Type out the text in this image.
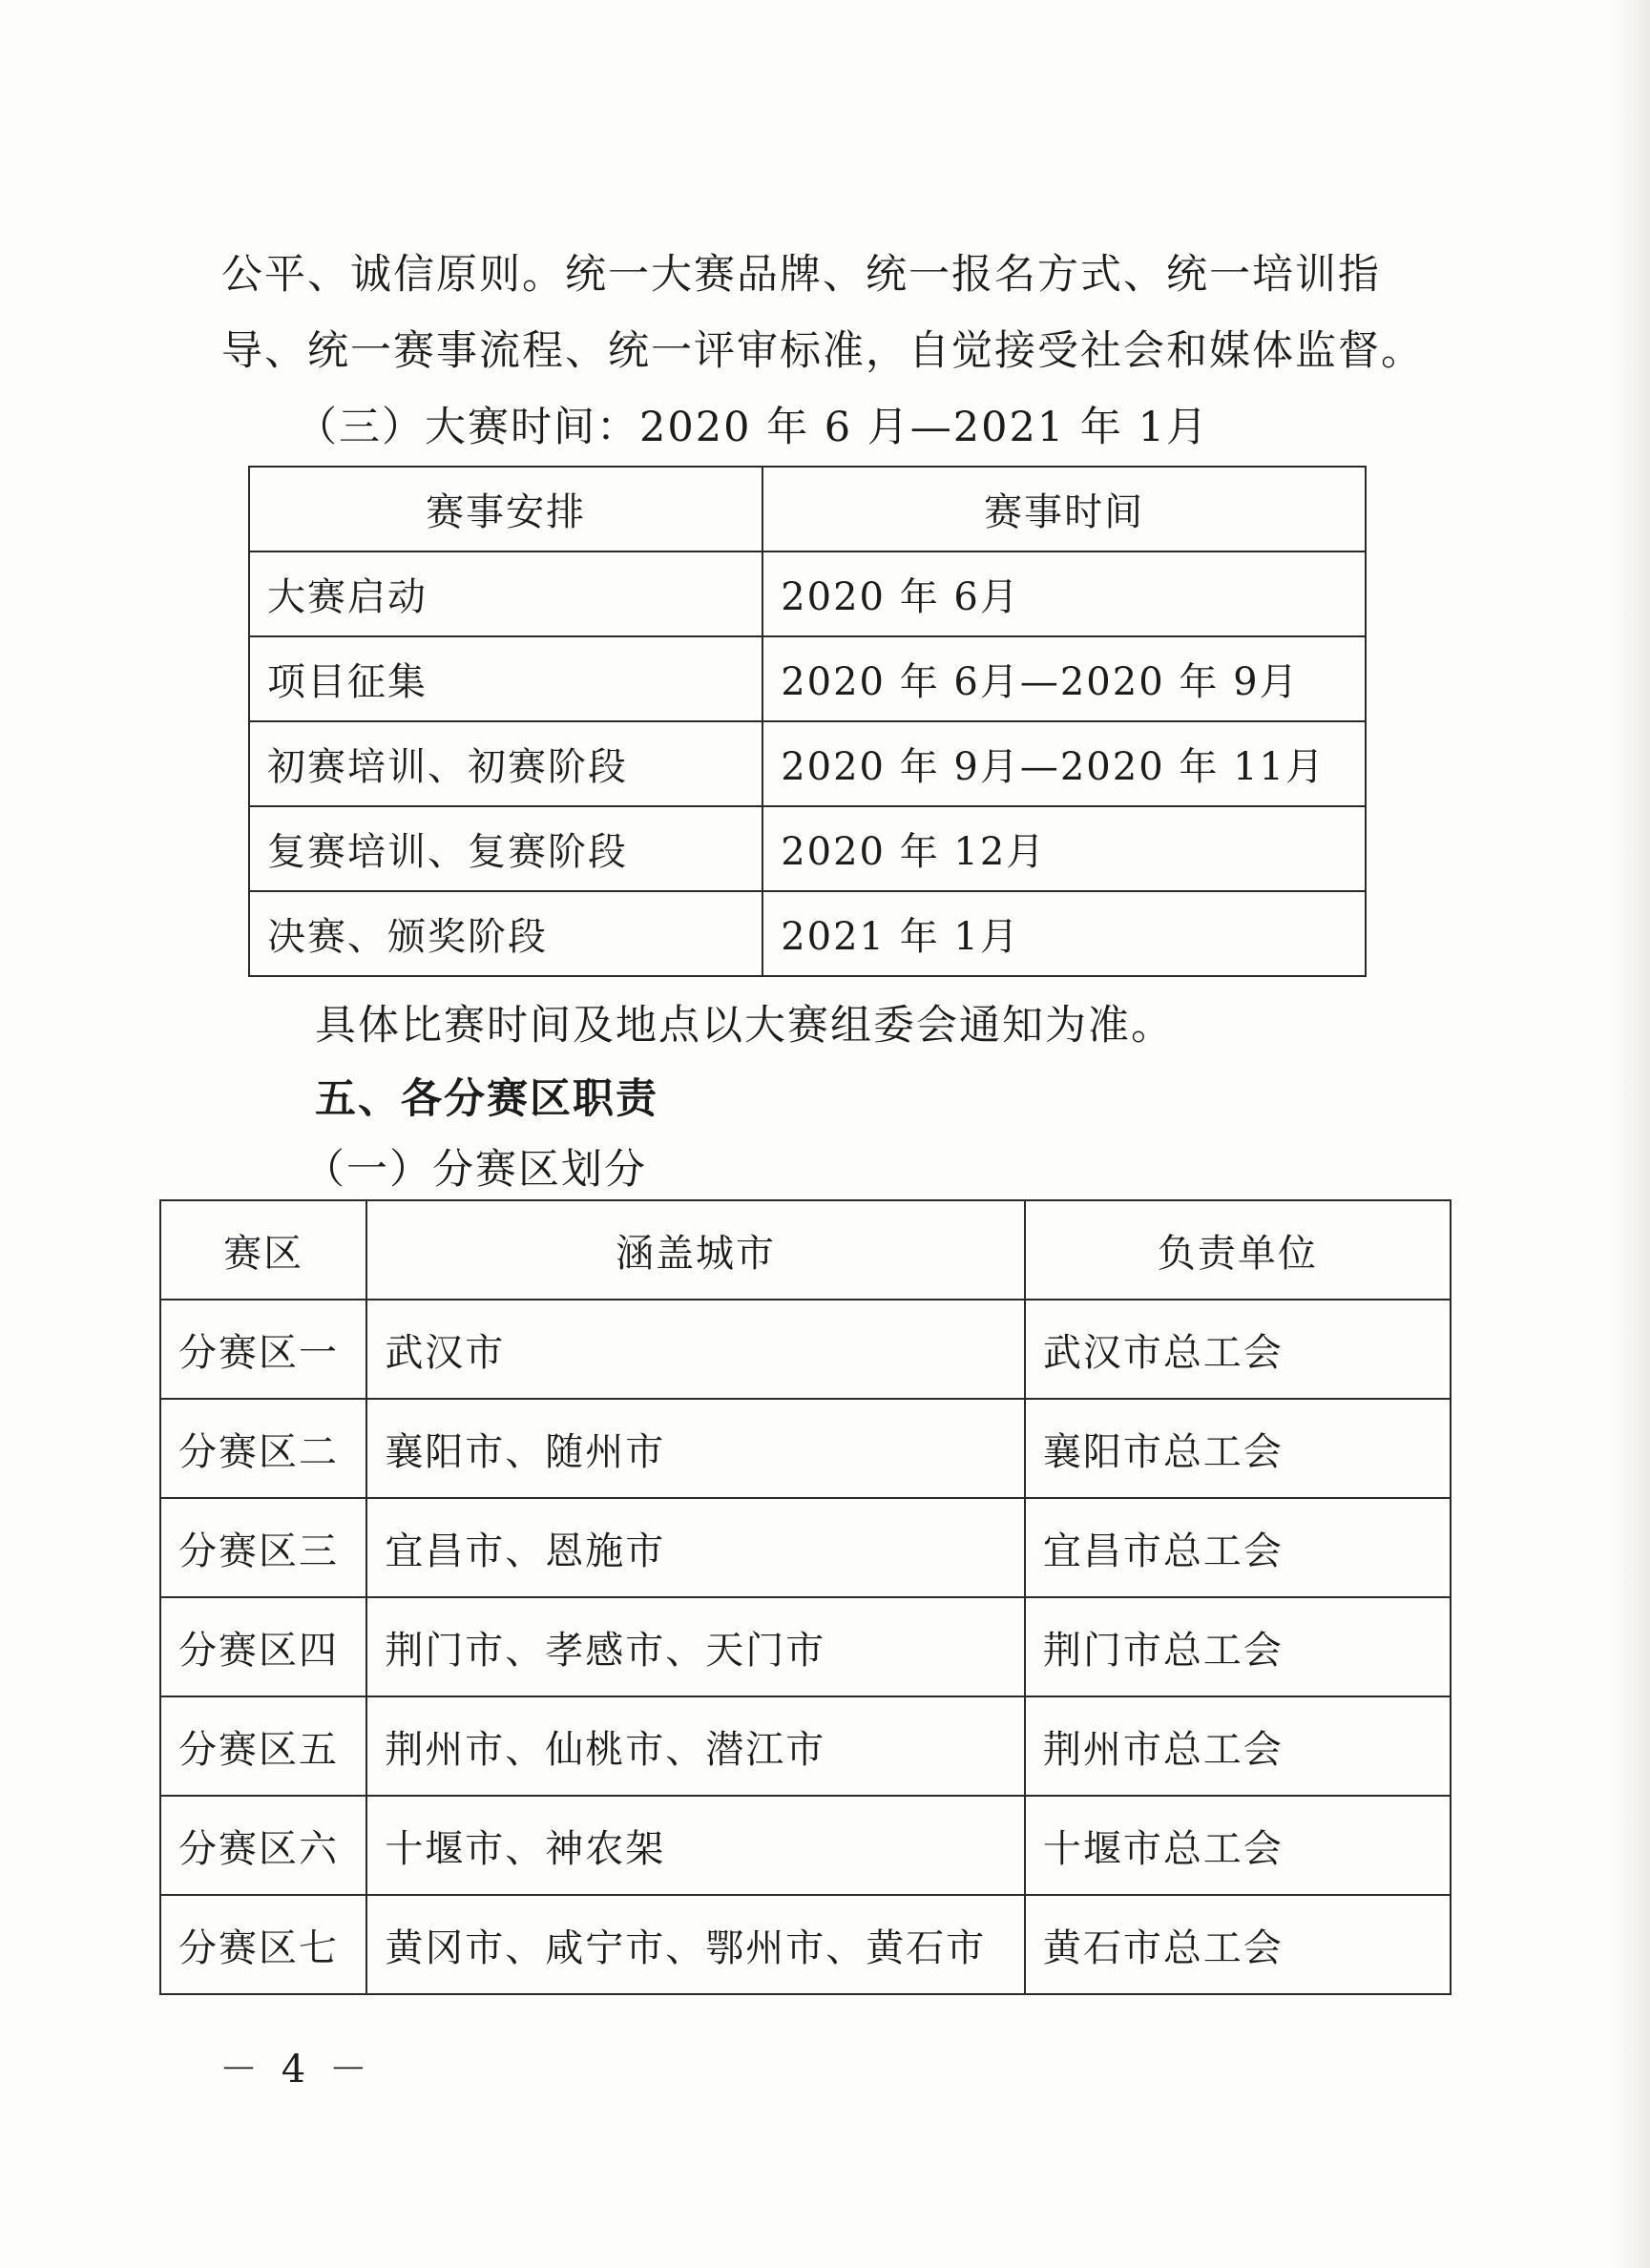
公平、诚信原则。统一大赛品牌、统一报名方式、统一培训指
导、统一赛事流程、统一评审标准，自觉接受社会和媒体监督。
（三）大赛时间：2020 年 6 月—2021 年 1月
赛事安排	赛事时间
大赛启动	2020 年 6月
项目征集	2020 年 6月—2020 年 9月
初赛培训、初赛阶段	2020 年 9月—2020 年 11月
复赛培训、复赛阶段	2020 年 12月
决赛、颁奖阶段	2021 年 1月
具体比赛时间及地点以大赛组委会通知为准。
五、各分赛区职责
（一）分赛区划分
赛区	涵盖城市	负责单位
分赛区一	武汉市	武汉市总工会
分赛区二	襄阳市、随州市	襄阳市总工会
分赛区三	宜昌市、恩施市	宜昌市总工会
分赛区四	荆门市、孝感市、天门市	荆门市总工会
分赛区五	荆州市、仙桃市、潜江市	荆州市总工会
分赛区六	十堰市、神农架	十堰市总工会
分赛区七	黄冈市、咸宁市、鄂州市、黄石市	黄石市总工会
－ 4 －
